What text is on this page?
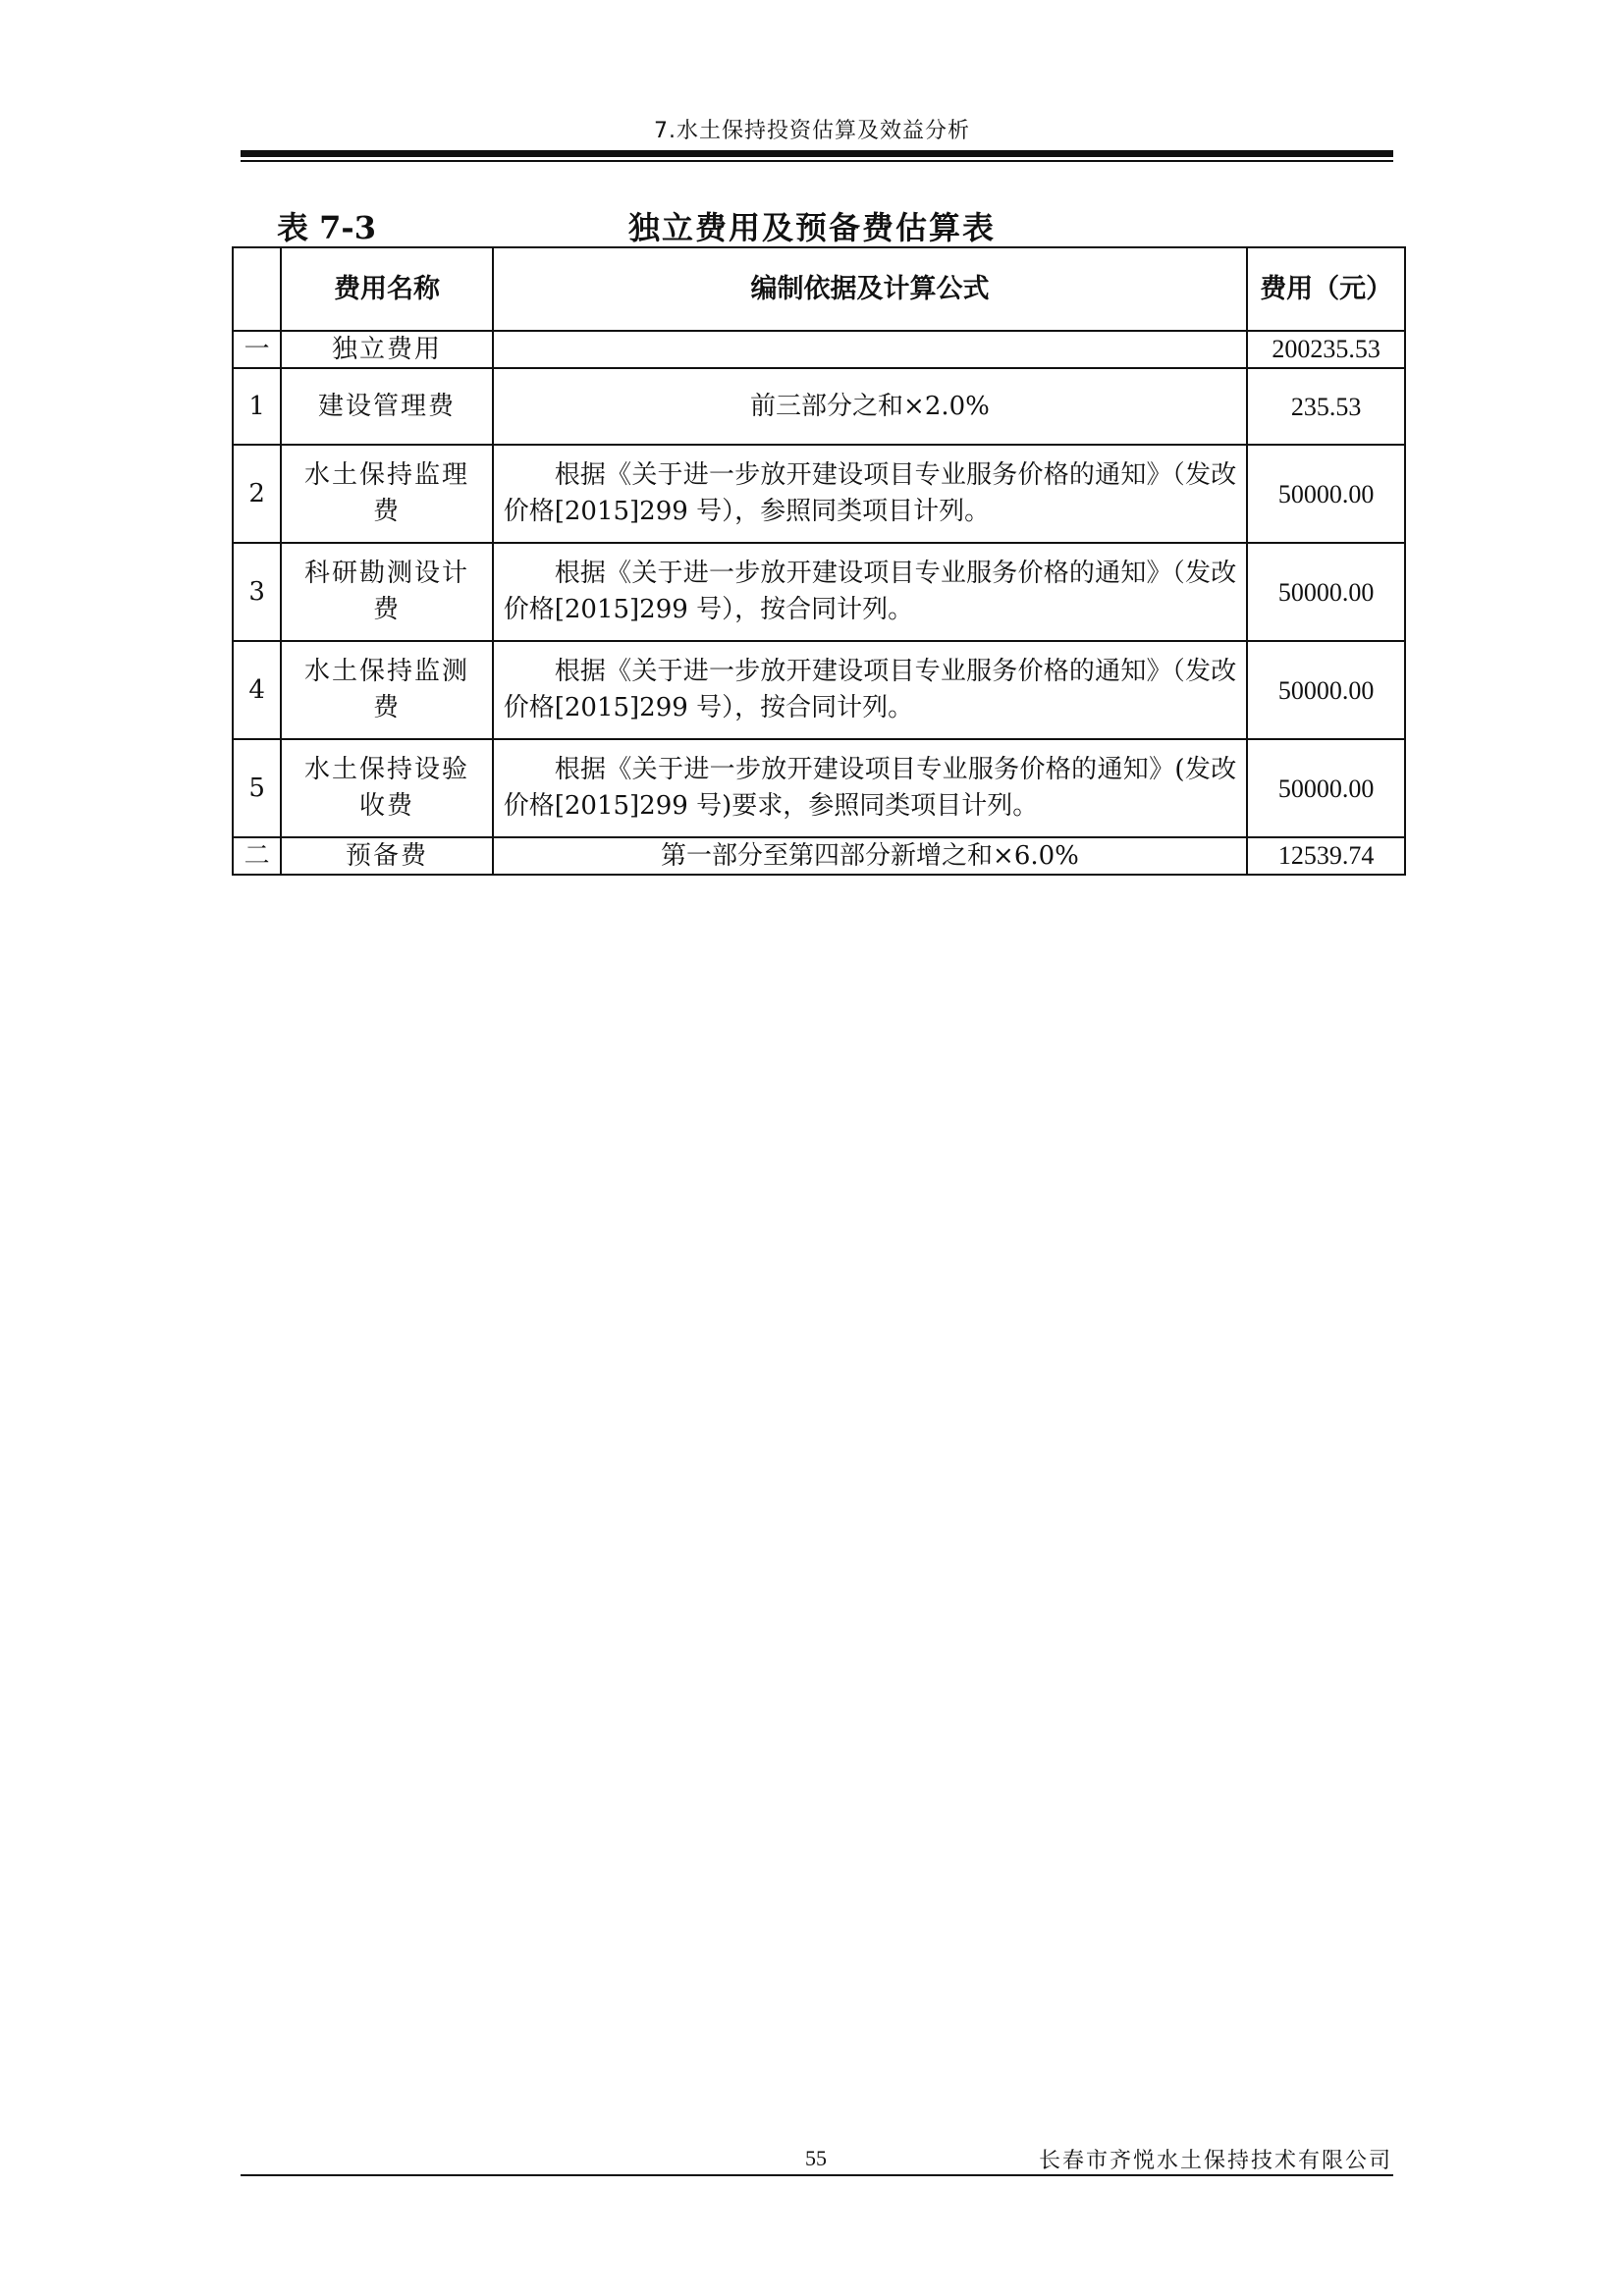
7.水土保持投资估算及效益分析
表 7-3	独立费用及预备费估算表
	费用名称	编制依据及计算公式	费用（元）
一	独立费用		200235.53
1	建设管理费	前三部分之和×2.0%	235.53
2	水土保持监理费	根据《关于进一步放开建设项目专业服务价格的通知》（发改价格[2015]299 号），参照同类项目计列。	50000.00
3	科研勘测设计费	根据《关于进一步放开建设项目专业服务价格的通知》（发改价格[2015]299 号），按合同计列。	50000.00
4	水土保持监测费	根据《关于进一步放开建设项目专业服务价格的通知》（发改价格[2015]299 号），按合同计列。	50000.00
5	水土保持设验收费	根据《关于进一步放开建设项目专业服务价格的通知》(发改价格[2015]299 号)要求，参照同类项目计列。	50000.00
二	预备费	第一部分至第四部分新增之和×6.0%	12539.74
55	长春市齐悦水土保持技术有限公司
